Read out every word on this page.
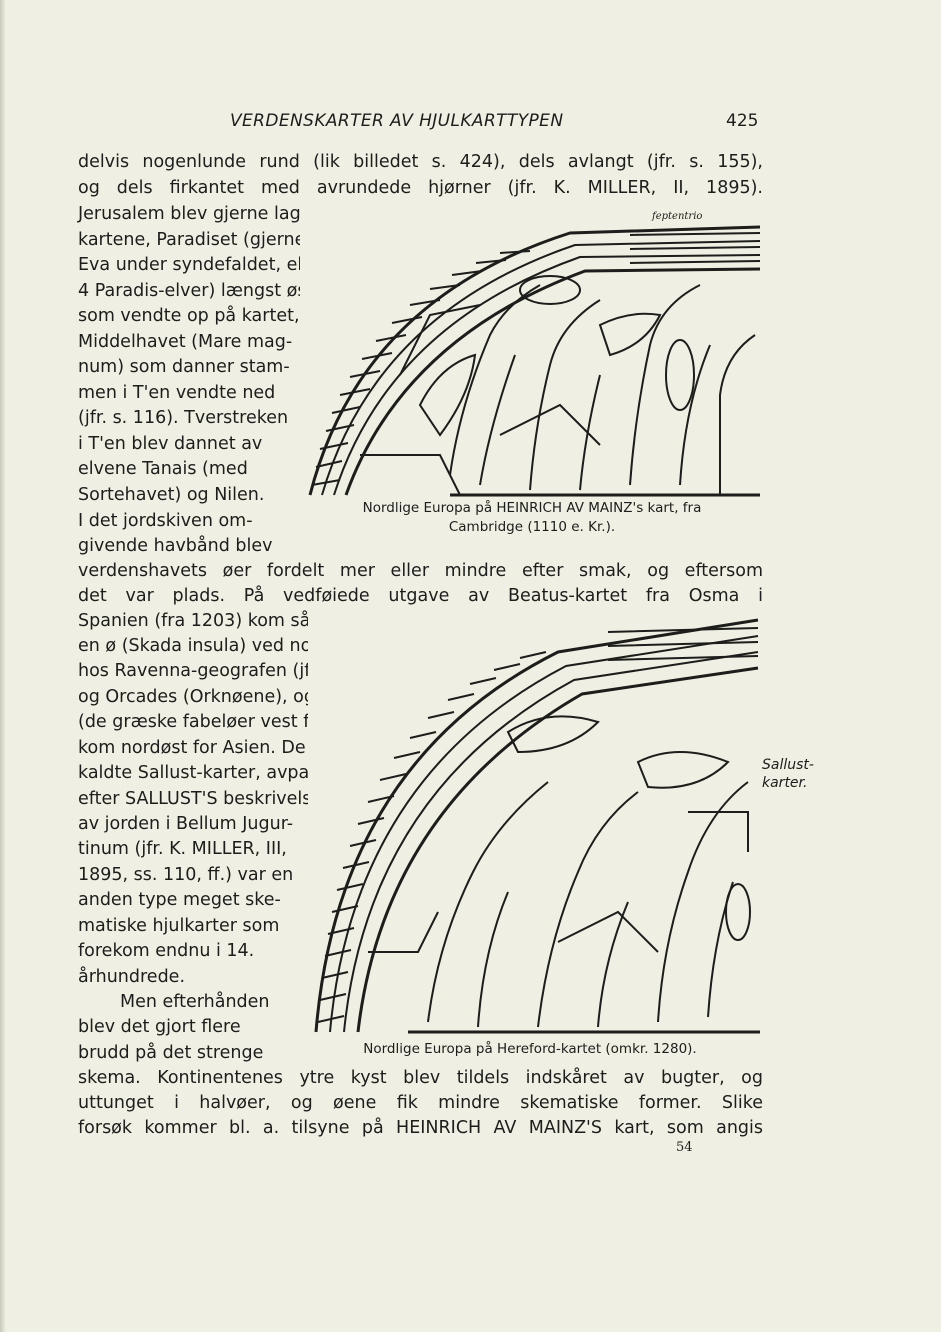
VERDENSKARTER AV HJULKARTTYPEN	425
delvis nogenlunde rund (lik billedet s. 424), dels avlangt (jfr. s. 155),
og dels firkantet med avrundede hjørner (jfr. K. MILLER, II, 1895).
Jerusalem blev gjerne lagt i centrum av hjul-
kartene, Paradiset (gjerne med Adam og
Eva under syndefaldet, eller med de
4 Paradis-elver) længst øst i Asien
som vendte op på kartet, og
Middelhavet (Mare mag-
num) som danner stam-
men i T'en vendte ned
(jfr. s. 116). Tverstreken
i T'en blev dannet av
elvene Tanais (med
Sortehavet) og Nilen.
I det jordskiven om-
givende havbånd blev
verdenshavets øer fordelt mer eller mindre efter smak, og eftersom
det var plads. På vedføiede utgave av Beatus-kartet fra Osma i
Spanien (fra 1203) kom således Skandinavien som
en ø (Skada insula) ved nordpolen liksom
hos Ravenna-geografen (jfr. kart s. 117),
og Orcades (Orknøene), og Gorgades
(de græske fabeløer vest for Afrika)
kom nordøst for Asien. De så-
kaldte Sallust-karter, avpasset
efter SALLUST'S beskrivelse
av jorden i Bellum Jugur-
tinum (jfr. K. MILLER, III,
1895, ss. 110, ff.) var en
anden type meget ske-
matiske hjulkarter som
forekom endnu i 14.
århundrede.
Men efterhånden
blev det gjort flere
brudd på det strenge
skema. Kontinentenes ytre kyst blev tildels indskåret av bugter, og
uttunget i halvøer, og øene fik mindre skematiske former. Slike
forsøk kommer bl. a. tilsyne på HEINRICH AV MAINZ'S kart, som angis
54
feptentrio
Nordlige Europa på HEINRICH AV MAINZ's kart, fra
Cambridge (1110 e. Kr.).
Nordlige Europa på Hereford-kartet (omkr. 1280).
Sallust-
karter.
